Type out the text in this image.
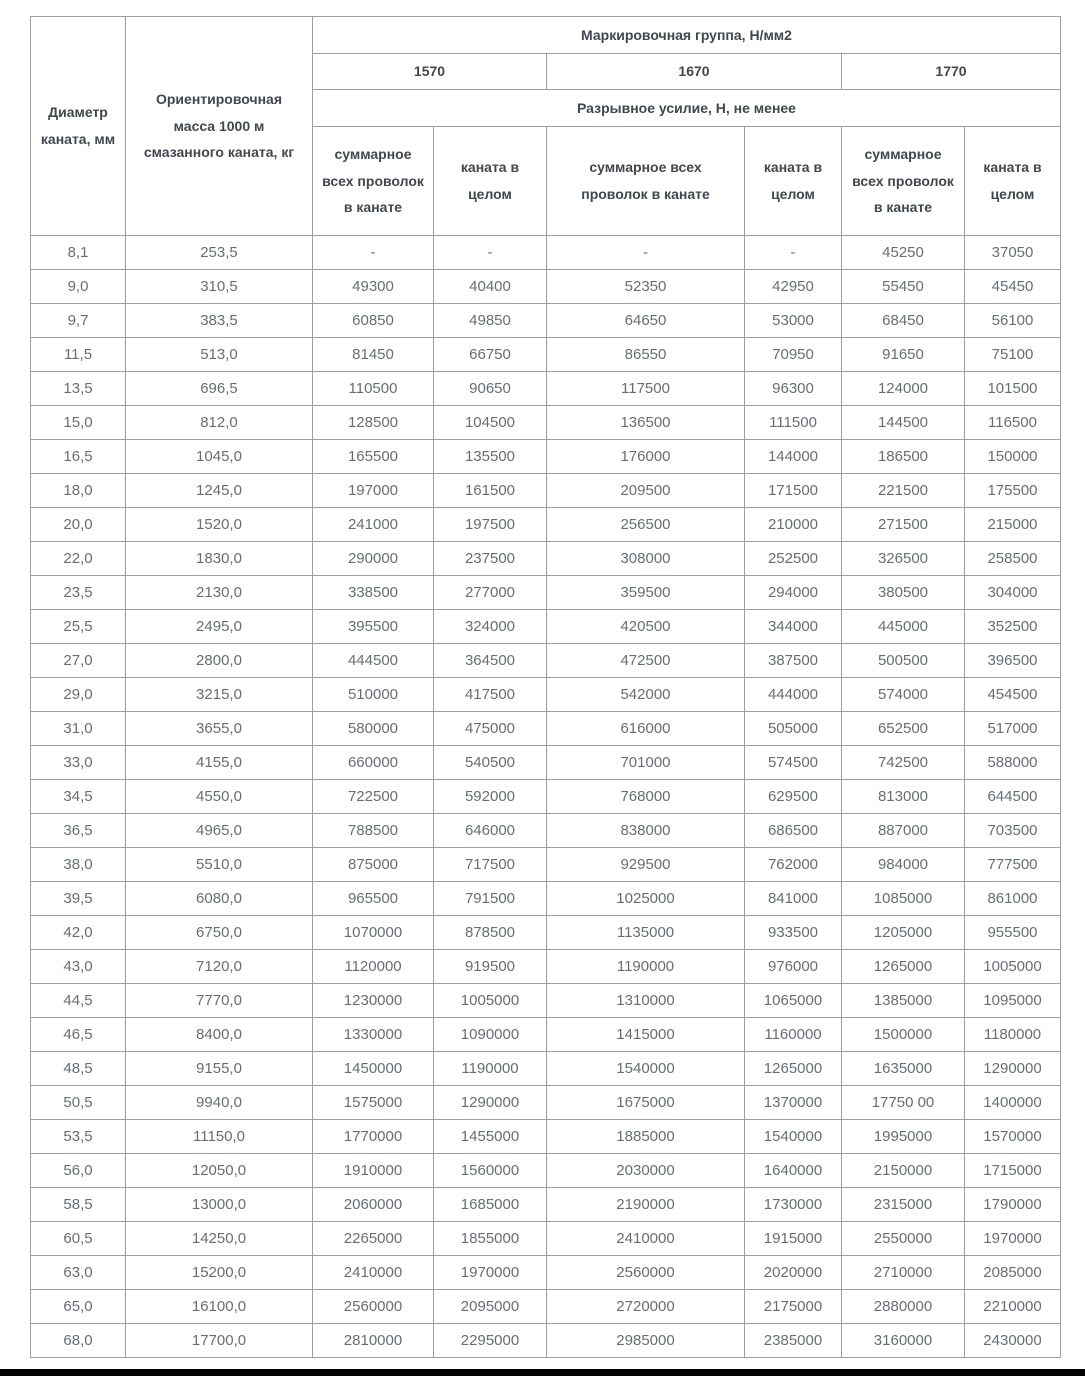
Диаметр каната, мм	Ориентировочная масса 1000 м смазанного каната, кг	Маркировочная группа, Н/мм2					
		1570		1670		1770	
		Разрывное усилие, Н, не менее					
		суммарное всех проволок в канате	каната в целом	суммарное всех проволок в канате	каната в целом	суммарное всех проволок в канате	каната в целом
8,1	253,5	-	-	-	-	45250	37050
9,0	310,5	49300	40400	52350	42950	55450	45450
9,7	383,5	60850	49850	64650	53000	68450	56100
11,5	513,0	81450	66750	86550	70950	91650	75100
13,5	696,5	110500	90650	117500	96300	124000	101500
15,0	812,0	128500	104500	136500	111500	144500	116500
16,5	1045,0	165500	135500	176000	144000	186500	150000
18,0	1245,0	197000	161500	209500	171500	221500	175500
20,0	1520,0	241000	197500	256500	210000	271500	215000
22,0	1830,0	290000	237500	308000	252500	326500	258500
23,5	2130,0	338500	277000	359500	294000	380500	304000
25,5	2495,0	395500	324000	420500	344000	445000	352500
27,0	2800,0	444500	364500	472500	387500	500500	396500
29,0	3215,0	510000	417500	542000	444000	574000	454500
31,0	3655,0	580000	475000	616000	505000	652500	517000
33,0	4155,0	660000	540500	701000	574500	742500	588000
34,5	4550,0	722500	592000	768000	629500	813000	644500
36,5	4965,0	788500	646000	838000	686500	887000	703500
38,0	5510,0	875000	717500	929500	762000	984000	777500
39,5	6080,0	965500	791500	1025000	841000	1085000	861000
42,0	6750,0	1070000	878500	1135000	933500	1205000	955500
43,0	7120,0	1120000	919500	1190000	976000	1265000	1005000
44,5	7770,0	1230000	1005000	1310000	1065000	1385000	1095000
46,5	8400,0	1330000	1090000	1415000	1160000	1500000	1180000
48,5	9155,0	1450000	1190000	1540000	1265000	1635000	1290000
50,5	9940,0	1575000	1290000	1675000	1370000	17750 00	1400000
53,5	11150,0	1770000	1455000	1885000	1540000	1995000	1570000
56,0	12050,0	1910000	1560000	2030000	1640000	2150000	1715000
58,5	13000,0	2060000	1685000	2190000	1730000	2315000	1790000
60,5	14250,0	2265000	1855000	2410000	1915000	2550000	1970000
63,0	15200,0	2410000	1970000	2560000	2020000	2710000	2085000
65,0	16100,0	2560000	2095000	2720000	2175000	2880000	2210000
68,0	17700,0	2810000	2295000	2985000	2385000	3160000	2430000
